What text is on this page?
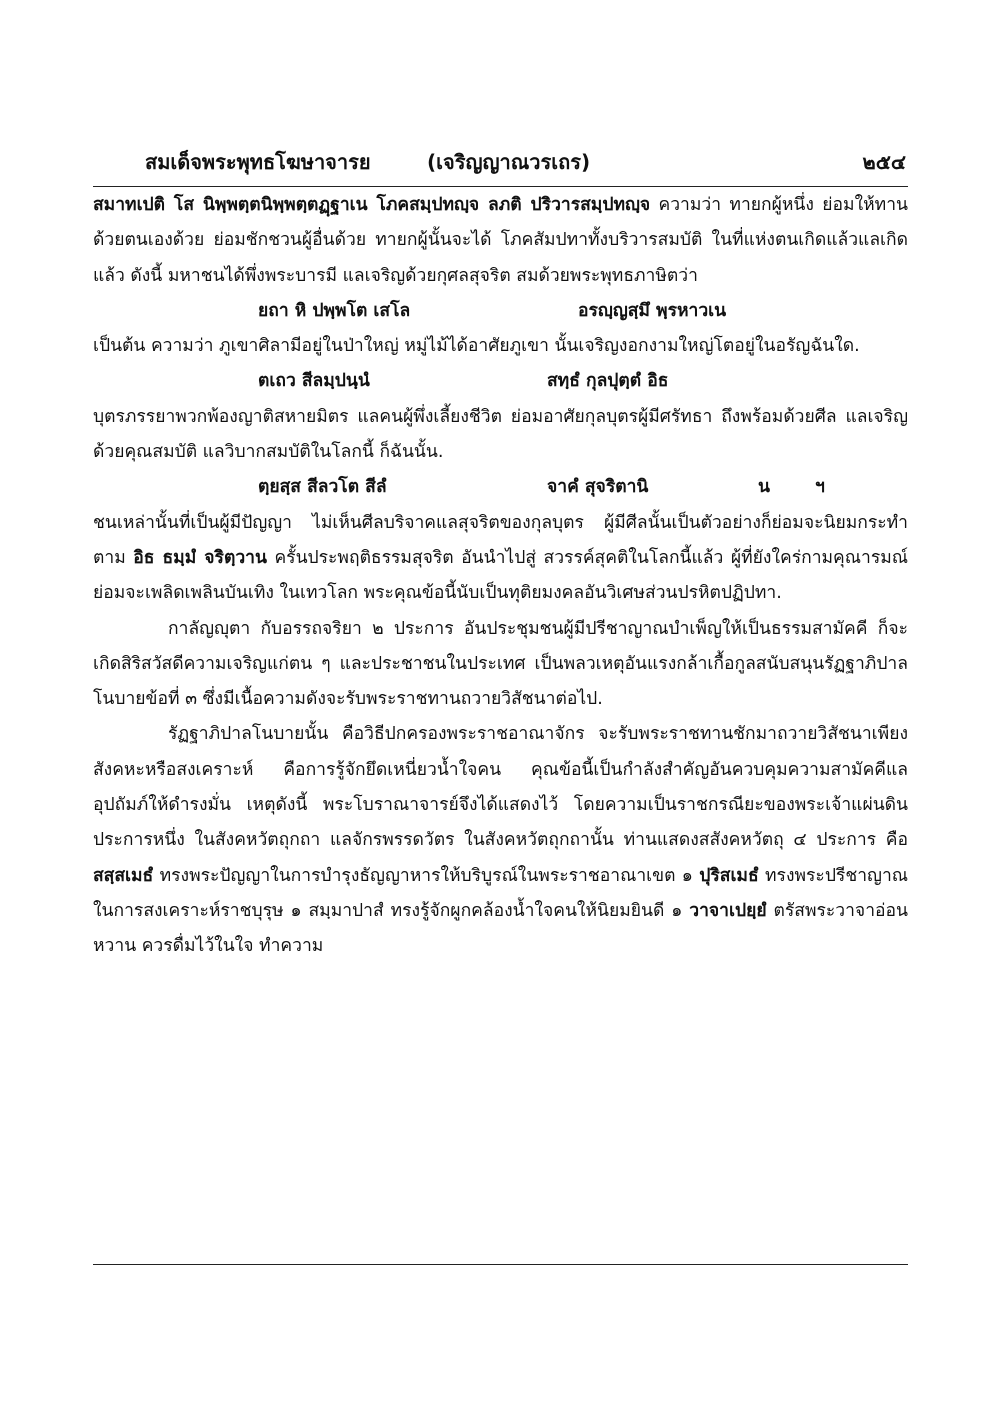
สมเด็จพระพุทธโฆษาจารย	(เจริญญาณวรเถร)	๒๕๔

สมาทเปติ โส นิพฺพตฺตนิพฺพตฺตฏฺฐาเน โภคสมฺปทญฺจ ลภติ ปริวารสมฺปทญฺจ ความว่า ทายกผู้หนึ่ง ย่อมให้ทานด้วยตนเองด้วย ย่อมชักชวนผู้อื่นด้วย ทายกผู้นั้นจะได้ โภคสัมปทาทั้งบริวารสมบัติ ในที่แห่งตนเกิดแล้วแลเกิดแล้ว ดังนี้ มหาชนได้พึ่งพระบารมี แลเจริญด้วยกุศลสุจริต สมด้วยพระพุทธภาษิตว่า

ยถา หิ ปพฺพโต เสโล	อรญฺญสฺมึ พฺรหาวเน

เป็นต้น ความว่า ภูเขาศิลามีอยู่ในป่าใหญ่ หมู่ไม้ได้อาศัยภูเขา นั้นเจริญงอกงามใหญ่โตอยู่ในอรัญฉันใด.

ตเถว สีลมฺปนฺนํ	สทฺธํ กุลปุตฺตํ อิธ

บุตรภรรยาพวกพ้องญาติสหายมิตร แลคนผู้พึ่งเลี้ยงชีวิต ย่อมอาศัยกุลบุตรผู้มีศรัทธา ถึงพร้อมด้วยศีล แลเจริญด้วยคุณสมบัติ แลวิบากสมบัติในโลกนี้ ก็ฉันนั้น.

ตฺยสฺส สีลวโต สีลํ	จาคํ สุจริตานิ	น	ฯ

ชนเหล่านั้นที่เป็นผู้มีปัญญา ไม่เห็นศีลบริจาคแลสุจริตของกุลบุตร ผู้มีศีลนั้นเป็นตัวอย่างก็ย่อมจะนิยมกระทำตาม อิธ ธมฺมํ จริตฺวาน ครั้นประพฤติธรรมสุจริต อันนำไปสู่ สวรรค์สุคติในโลกนี้แล้ว ผู้ที่ยังใคร่กามคุณารมณ์ ย่อมจะเพลิดเพลินบันเทิง ในเทวโลก พระคุณข้อนี้นับเป็นทุติยมงคลอันวิเศษส่วนปรหิตปฏิปทา.

กาลัญญุตา กับอรรถจริยา ๒ ประการ อันประชุมชนผู้มีปรีชาญาณบำเพ็ญให้เป็นธรรมสามัคคี ก็จะเกิดสิริสวัสดีความเจริญแก่ตน ๆ และประชาชนในประเทศ เป็นพลวเหตุอันแรงกล้าเกื้อกูลสนับสนุนรัฏฐาภิปาลโนบายข้อที่ ๓ ซึ่งมีเนื้อความดังจะรับพระราชทานถวายวิสัชนาต่อไป.

รัฏฐาภิปาลโนบายนั้น คือวิธีปกครองพระราชอาณาจักร จะรับพระราชทานชักมาถวายวิสัชนาเพียงสังคหะหรือสงเคราะห์ คือการรู้จักยึดเหนี่ยวน้ำใจคน คุณข้อนี้เป็นกำลังสำคัญอันควบคุมความสามัคคีแลอุปถัมภ์ให้ดำรงมั่น เหตุดังนี้ พระโบราณาจารย์จึงได้แสดงไว้ โดยความเป็นราชกรณียะของพระเจ้าแผ่นดิน ประการหนึ่ง ในสังคหวัตถุกถา แลจักรพรรดวัตร ในสังคหวัตถุกถานั้น ท่านแสดงสสังคหวัตถุ ๔ ประการ คือ สสฺสเมธํ ทรงพระปัญญาในการบำรุงธัญญาหารให้บริบูรณ์ในพระราชอาณาเขต ๑ ปุริสเมธํ ทรงพระปรีชาญาณในการสงเคราะห์ราชบุรุษ ๑ สมฺมาปาสํ ทรงรู้จักผูกคล้องน้ำใจคนให้นิยมยินดี ๑ วาจาเปยฺยํ ตรัสพระวาจาอ่อนหวาน ควรดื่มไว้ในใจ ทำความ
